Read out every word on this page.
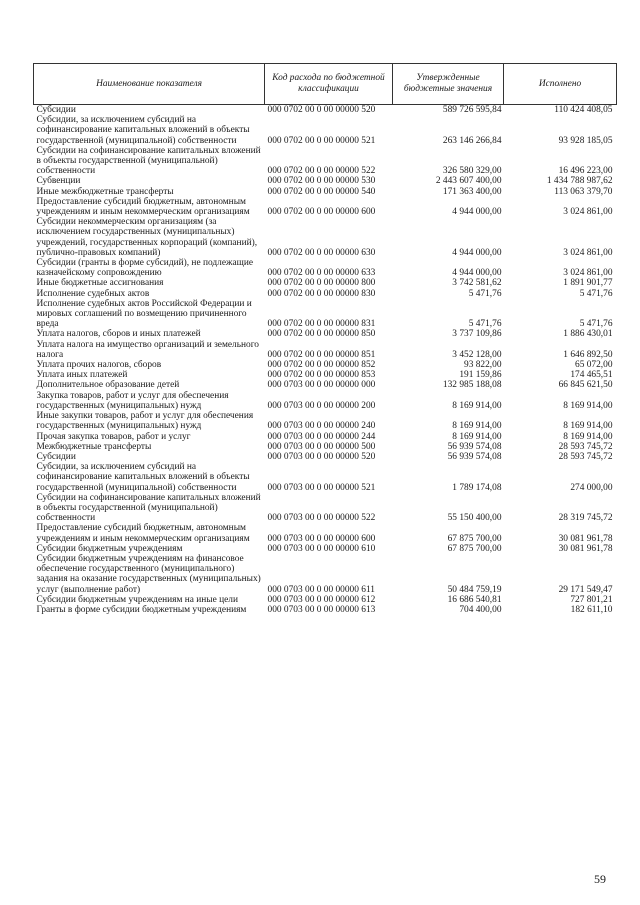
Наименование показателя	Код расхода по бюджетной классификации	Утвержденные бюджетные значения	Исполнено
Субсидии	000 0702 00 0 00 00000 520	589 726 595,84	110 424 408,05
Субсидии, за исключением субсидий на софинансирование капитальных вложений в объекты государственной (муниципальной) собственности	000 0702 00 0 00 00000 521	263 146 266,84	93 928 185,05
Субсидии на софинансирование капитальных вложений в объекты государственной (муниципальной) собственности	000 0702 00 0 00 00000 522	326 580 329,00	16 496 223,00
Субвенции	000 0702 00 0 00 00000 530	2 443 607 400,00	1 434 788 987,62
Иные межбюджетные трансферты	000 0702 00 0 00 00000 540	171 363 400,00	113 063 379,70
Предоставление субсидий бюджетным, автономным учреждениям и иным некоммерческим организациям	000 0702 00 0 00 00000 600	4 944 000,00	3 024 861,00
Субсидии некоммерческим организациям (за исключением государственных (муниципальных) учреждений, государственных корпораций (компаний), публично-правовых компаний)	000 0702 00 0 00 00000 630	4 944 000,00	3 024 861,00
Субсидии (гранты в форме субсидий), не подлежащие казначейскому сопровождению	000 0702 00 0 00 00000 633	4 944 000,00	3 024 861,00
Иные бюджетные ассигнования	000 0702 00 0 00 00000 800	3 742 581,62	1 891 901,77
Исполнение судебных актов	000 0702 00 0 00 00000 830	5 471,76	5 471,76
Исполнение судебных актов Российской Федерации и мировых соглашений по возмещению причиненного вреда	000 0702 00 0 00 00000 831	5 471,76	5 471,76
Уплата налогов, сборов и иных платежей	000 0702 00 0 00 00000 850	3 737 109,86	1 886 430,01
Уплата налога на имущество организаций и земельного налога	000 0702 00 0 00 00000 851	3 452 128,00	1 646 892,50
Уплата прочих налогов, сборов	000 0702 00 0 00 00000 852	93 822,00	65 072,00
Уплата иных платежей	000 0702 00 0 00 00000 853	191 159,86	174 465,51
Дополнительное образование детей	000 0703 00 0 00 00000 000	132 985 188,08	66 845 621,50
Закупка товаров, работ и услуг для обеспечения государственных (муниципальных) нужд	000 0703 00 0 00 00000 200	8 169 914,00	8 169 914,00
Иные закупки товаров, работ и услуг для обеспечения государственных (муниципальных) нужд	000 0703 00 0 00 00000 240	8 169 914,00	8 169 914,00
Прочая закупка товаров, работ и услуг	000 0703 00 0 00 00000 244	8 169 914,00	8 169 914,00
Межбюджетные трансферты	000 0703 00 0 00 00000 500	56 939 574,08	28 593 745,72
Субсидии	000 0703 00 0 00 00000 520	56 939 574,08	28 593 745,72
Субсидии, за исключением субсидий на софинансирование капитальных вложений в объекты государственной (муниципальной) собственности	000 0703 00 0 00 00000 521	1 789 174,08	274 000,00
Субсидии на софинансирование капитальных вложений в объекты государственной (муниципальной) собственности	000 0703 00 0 00 00000 522	55 150 400,00	28 319 745,72
Предоставление субсидий бюджетным, автономным учреждениям и иным некоммерческим организациям	000 0703 00 0 00 00000 600	67 875 700,00	30 081 961,78
Субсидии бюджетным учреждениям	000 0703 00 0 00 00000 610	67 875 700,00	30 081 961,78
Субсидии бюджетным учреждениям на финансовое обеспечение государственного (муниципального) задания на оказание государственных (муниципальных) услуг (выполнение работ)	000 0703 00 0 00 00000 611	50 484 759,19	29 171 549,47
Субсидии бюджетным учреждениям на иные цели	000 0703 00 0 00 00000 612	16 686 540,81	727 801,21
Гранты в форме субсидии бюджетным учреждениям	000 0703 00 0 00 00000 613	704 400,00	182 611,10
59
